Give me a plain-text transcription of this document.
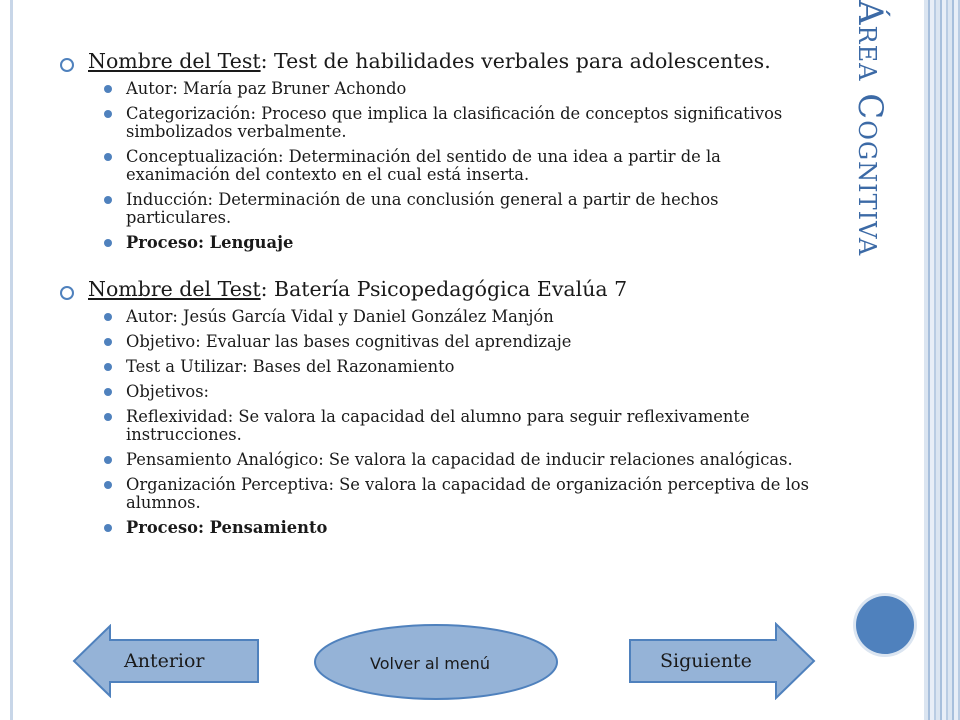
Área Cognitiva
Nombre del Test: Test de habilidades verbales para adolescentes.
Autor: María paz Bruner Achondo
Categorización: Proceso que implica la clasificación de conceptos significativos simbolizados verbalmente.
Conceptualización: Determinación del sentido de una idea a partir de la exanimación del contexto en el cual está inserta.
Inducción: Determinación de una conclusión general a partir de hechos particulares.
Proceso: Lenguaje
Nombre del Test: Batería Psicopedagógica Evalúa 7
Autor: Jesús García Vidal y Daniel González Manjón
Objetivo: Evaluar las bases cognitivas del aprendizaje
Test a Utilizar: Bases del Razonamiento
Objetivos:
Reflexividad: Se valora la capacidad del alumno para seguir reflexivamente instrucciones.
Pensamiento Analógico: Se valora la capacidad de inducir relaciones analógicas.
Organización Perceptiva: Se valora la capacidad de organización perceptiva de los alumnos.
Proceso: Pensamiento
Anterior	Volver al menú	Siguiente
